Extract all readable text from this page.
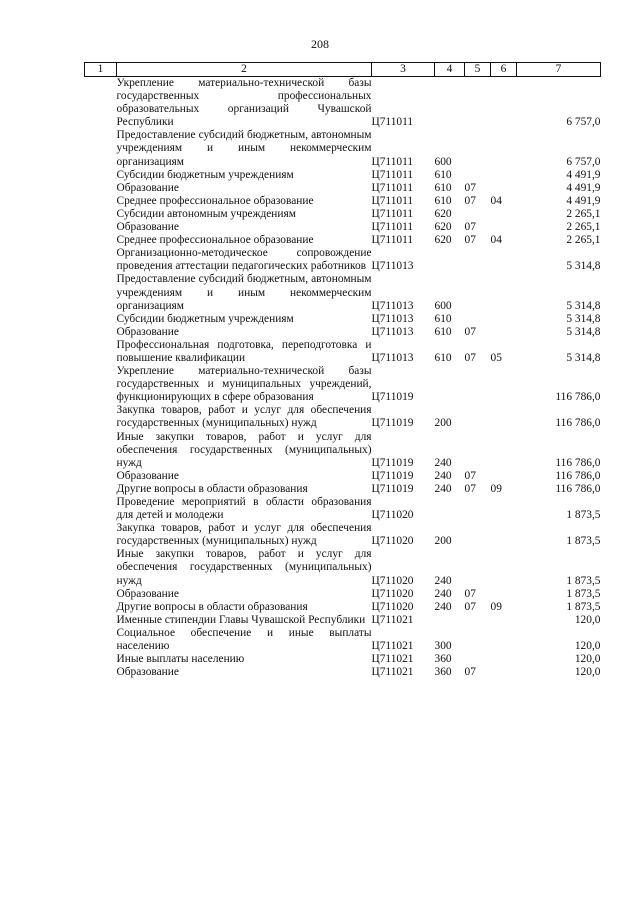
208
1	2	3	4	5	6	7
	Укрепление материально-технической базы государственных профессиональных образовательных организаций Чувашской Республики	Ц711011				6 757,0
	Предоставление субсидий бюджетным, автономным учреждениям и иным некоммерческим организациям	Ц711011	600			6 757,0
	Субсидии бюджетным учреждениям	Ц711011	610			4 491,9
	Образование	Ц711011	610	07		4 491,9
	Среднее профессиональное образование	Ц711011	610	07	04	4 491,9
	Субсидии автономным учреждениям	Ц711011	620			2 265,1
	Образование	Ц711011	620	07		2 265,1
	Среднее профессиональное образование	Ц711011	620	07	04	2 265,1
	Организационно-методическое сопровождение проведения аттестации педагогических работников	Ц711013				5 314,8
	Предоставление субсидий бюджетным, автономным учреждениям и иным некоммерческим организациям	Ц711013	600			5 314,8
	Субсидии бюджетным учреждениям	Ц711013	610			5 314,8
	Образование	Ц711013	610	07		5 314,8
	Профессиональная подготовка, переподготовка и повышение квалификации	Ц711013	610	07	05	5 314,8
	Укрепление материально-технической базы государственных и муниципальных учреждений, функционирующих в сфере образования	Ц711019				116 786,0
	Закупка товаров, работ и услуг для обеспечения государственных (муниципальных) нужд	Ц711019	200			116 786,0
	Иные закупки товаров, работ и услуг для обеспечения государственных (муниципальных) нужд	Ц711019	240			116 786,0
	Образование	Ц711019	240	07		116 786,0
	Другие вопросы в области образования	Ц711019	240	07	09	116 786,0
	Проведение мероприятий в области образования для детей и молодежи	Ц711020				1 873,5
	Закупка товаров, работ и услуг для обеспечения государственных (муниципальных) нужд	Ц711020	200			1 873,5
	Иные закупки товаров, работ и услуг для обеспечения государственных (муниципальных) нужд	Ц711020	240			1 873,5
	Образование	Ц711020	240	07		1 873,5
	Другие вопросы в области образования	Ц711020	240	07	09	1 873,5
	Именные стипендии Главы Чувашской Республики	Ц711021				120,0
	Социальное обеспечение и иные выплаты населению	Ц711021	300			120,0
	Иные выплаты населению	Ц711021	360			120,0
	Образование	Ц711021	360	07		120,0
